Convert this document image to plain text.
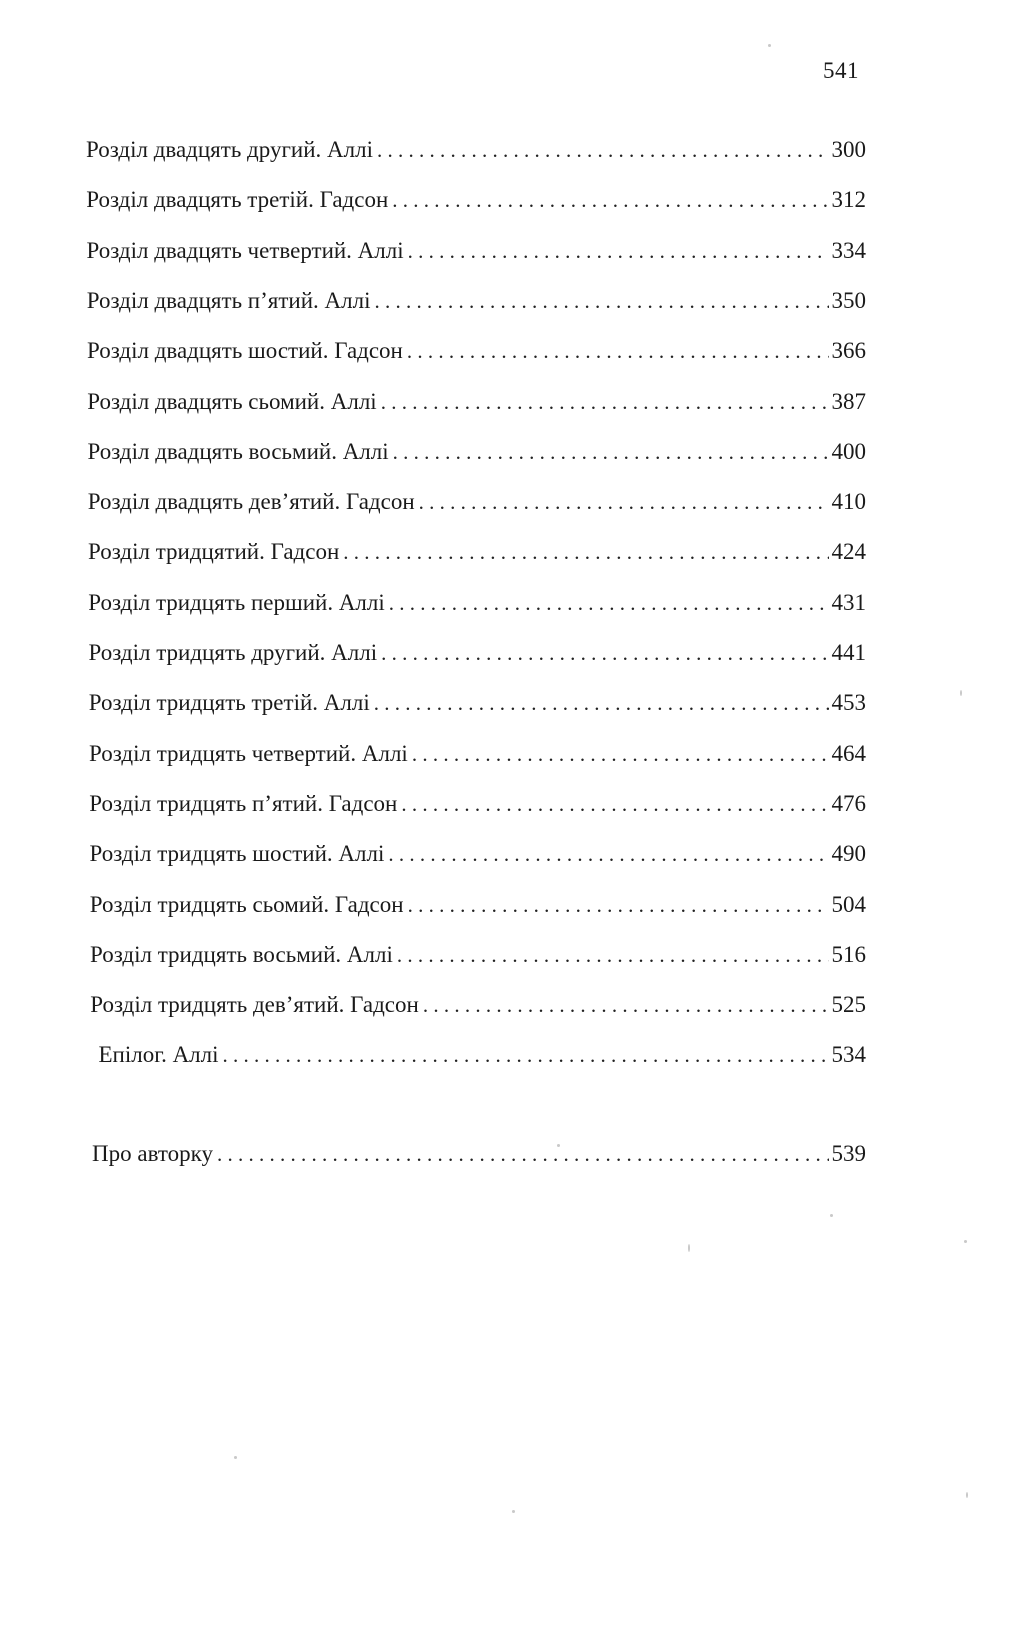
541
Розділ двадцять другий. Аллі . . .	300
Розділ двадцять третій. Гадсон . . .	312
Розділ двадцять четвертий. Аллі . . .	334
Розділ двадцять п’ятий. Аллі . . .	350
Розділ двадцять шостий. Гадсон . . .	366
Розділ двадцять сьомий. Аллі . . .	387
Розділ двадцять восьмий. Аллі . . .	400
Розділ двадцять дев’ятий. Гадсон . . .	410
Розділ тридцятий. Гадсон . . .	424
Розділ тридцять перший. Аллі . . .	431
Розділ тридцять другий. Аллі . . .	441
Розділ тридцять третій. Аллі . . .	453
Розділ тридцять четвертий. Аллі . . .	464
Розділ тридцять п’ятий. Гадсон . . .	476
Розділ тридцять шостий. Аллі . . .	490
Розділ тридцять сьомий. Гадсон . . .	504
Розділ тридцять восьмий. Аллі . . .	516
Розділ тридцять дев’ятий. Гадсон . . .	525
Епілог. Аллі . . .	534
Про авторку . . .	539
